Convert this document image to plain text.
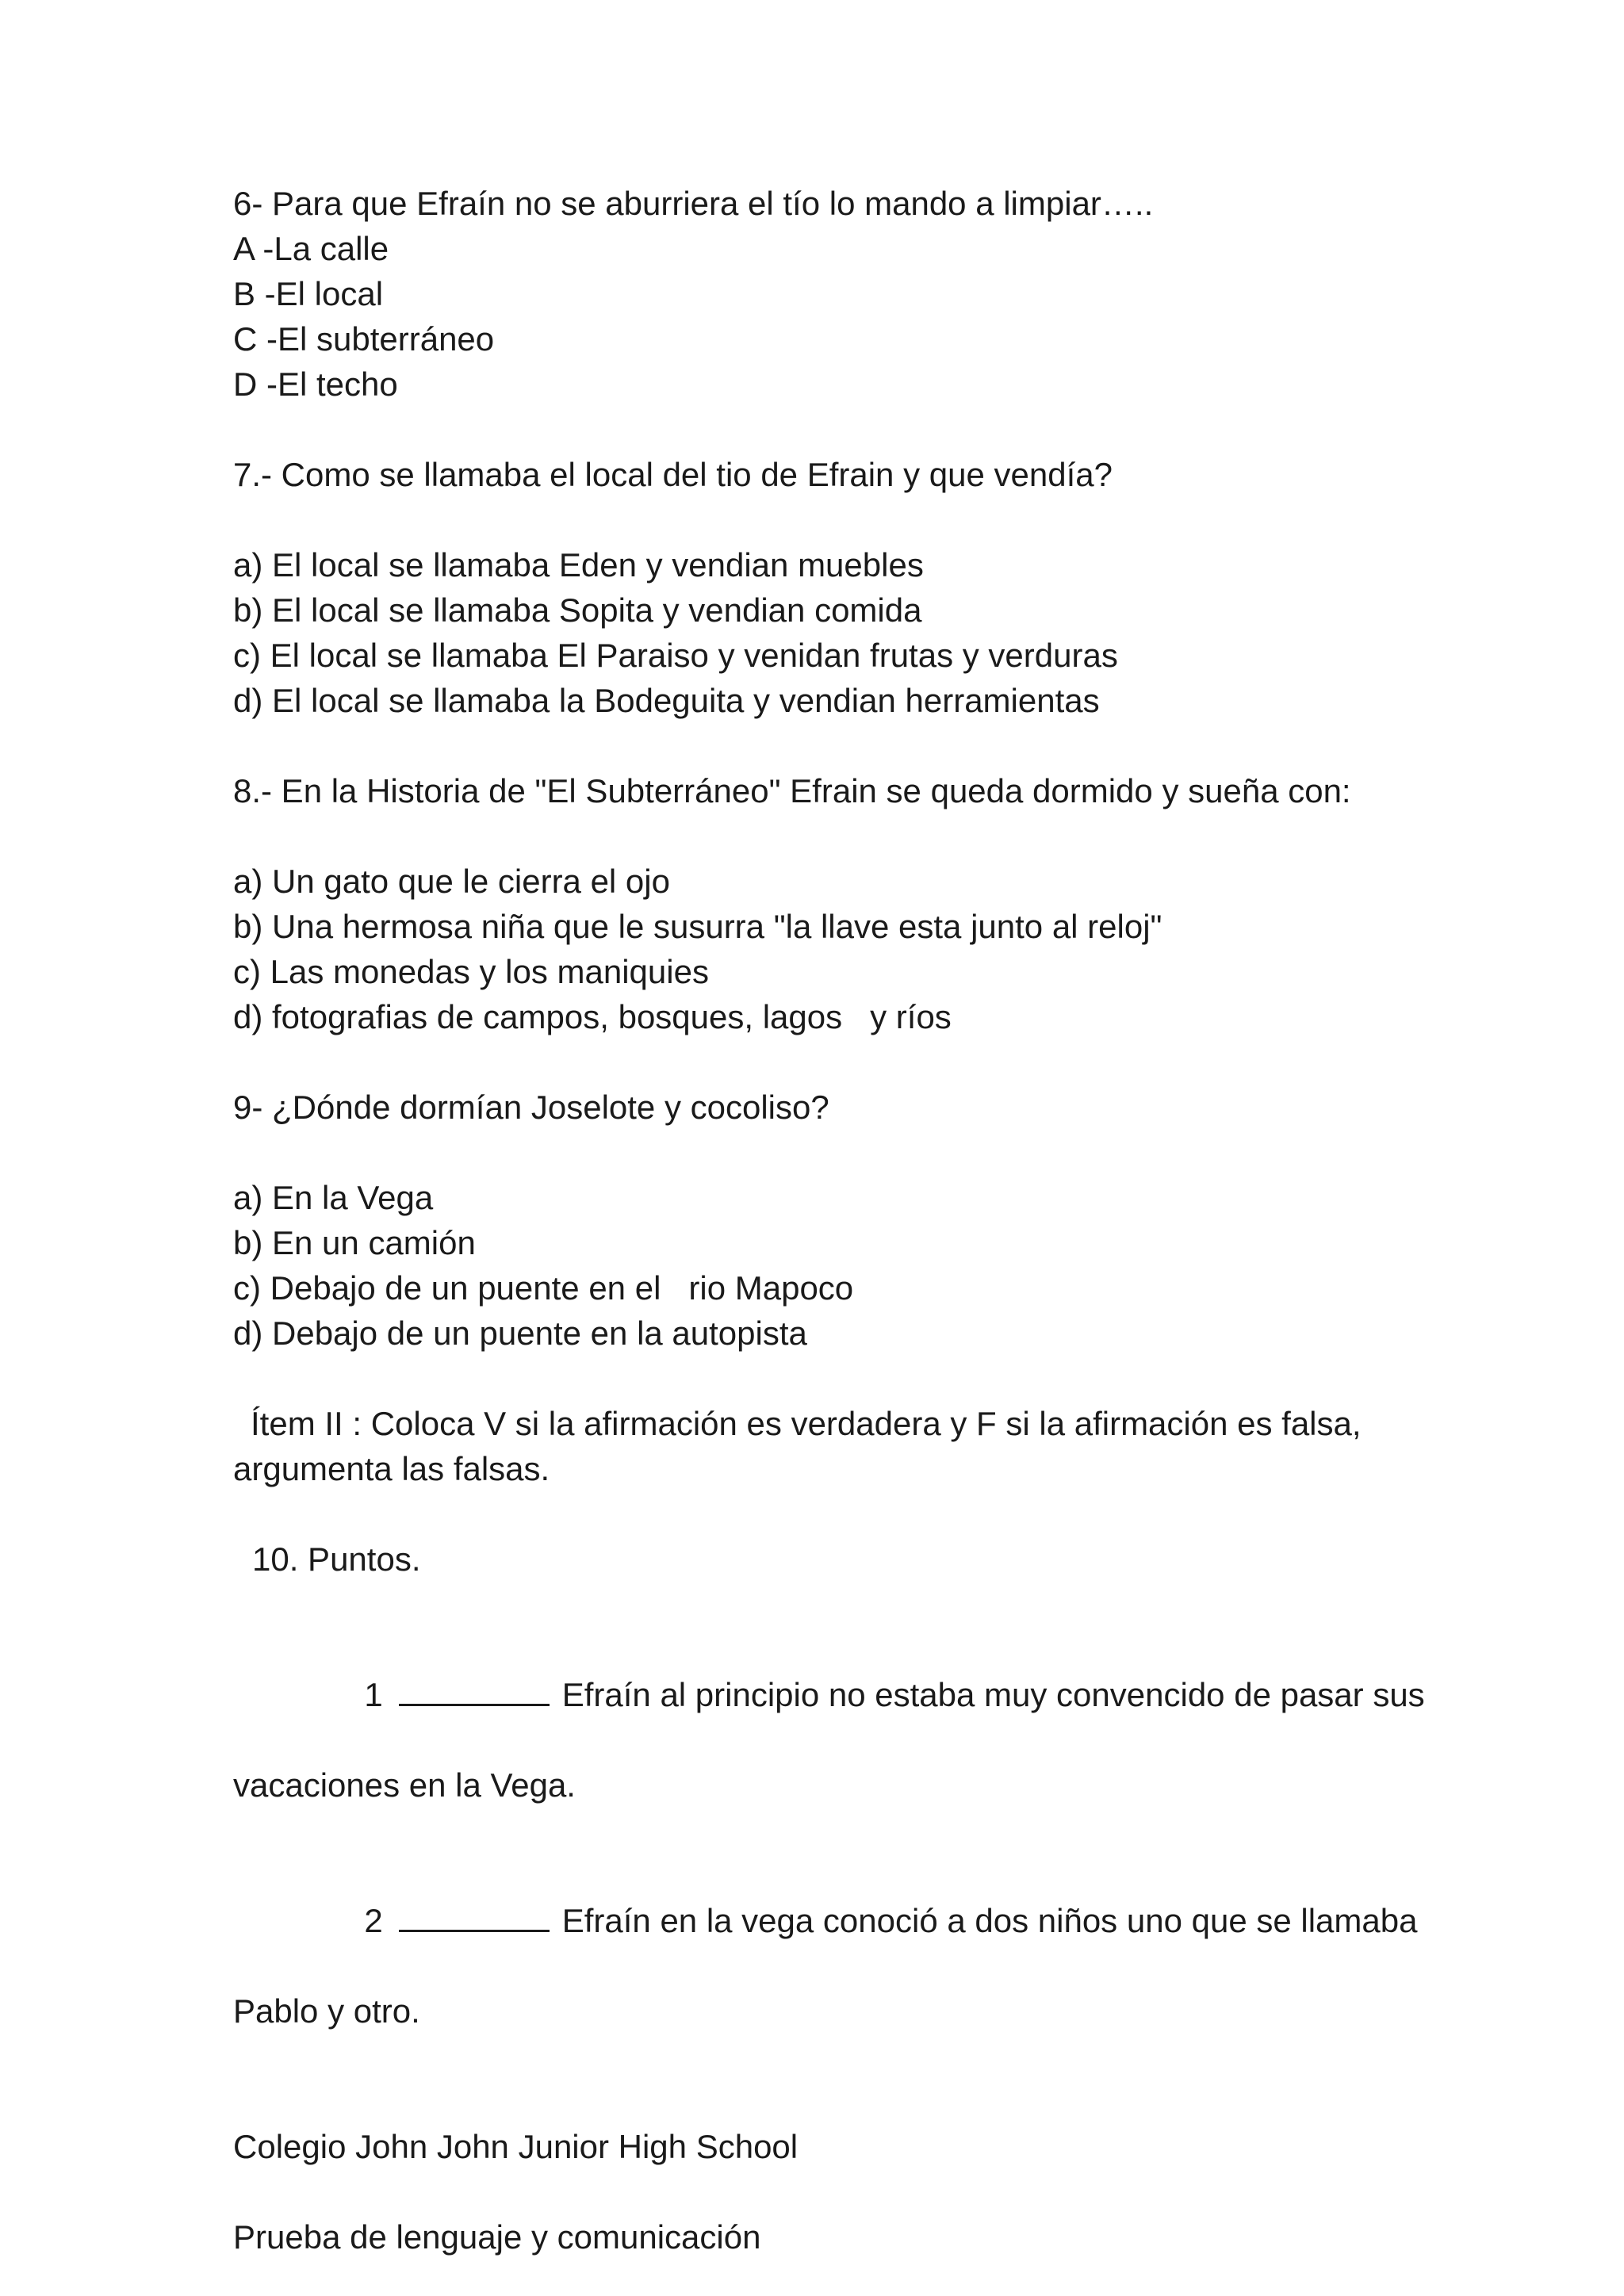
6- Para que Efraín no se aburriera el tío lo mando a limpiar…..

A -La calle

B -El local

C -El subterráneo

D -El techo

7.- Como se llamaba el local del tio de Efrain y que vendía?

a) El local se llamaba Eden y vendian muebles

b) El local se llamaba Sopita y vendian comida

c) El local se llamaba El Paraiso y venidan frutas y verduras

d) El local se llamaba la Bodeguita y vendian herramientas

8.- En la Historia de "El Subterráneo" Efrain se queda dormido y sueña con:

a) Un gato que le cierra el ojo

b) Una hermosa niña que le susurra "la llave esta junto al reloj"

c) Las monedas y los maniquies

d) fotografias de campos, bosques, lagos   y ríos

9- ¿Dónde dormían Joselote y cocoliso?

a) En la Vega

b) En un camión

c) Debajo de un puente en el   rio Mapoco

d) Debajo de un puente en la autopista

Ítem II : Coloca V si la afirmación es verdadera y F si la afirmación es falsa,

argumenta las falsas.

10. Puntos.

1	Efraín al principio no estaba muy convencido de pasar sus

vacaciones en la Vega.

2	Efraín en la vega conoció a dos niños uno que se llamaba

Pablo y otro.

Colegio John John Junior High School

Prueba de lenguaje y comunicación
